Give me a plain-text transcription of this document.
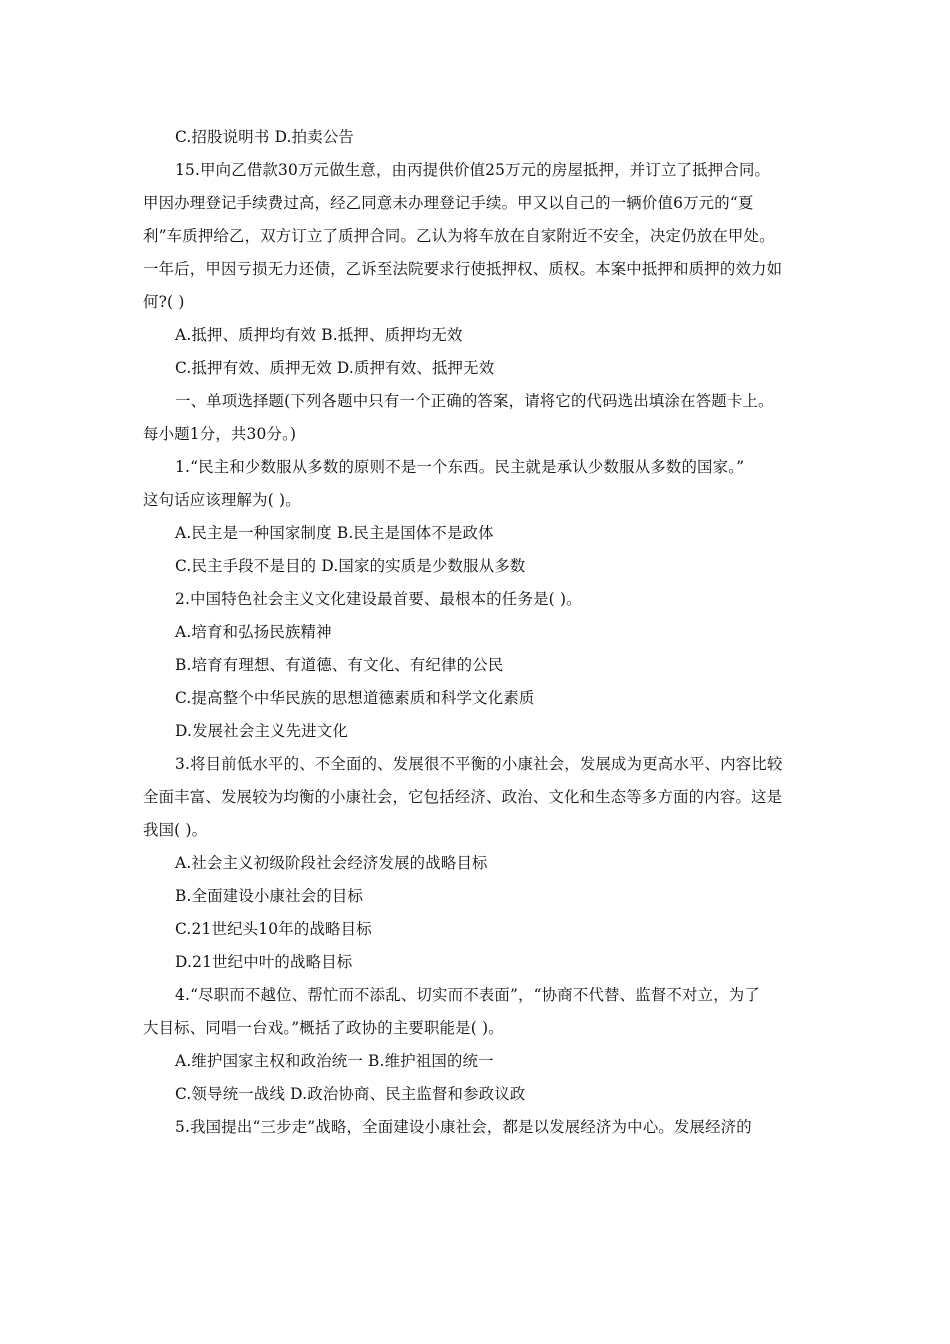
C.招股说明书 D.拍卖公告
15.甲向乙借款30万元做生意，由丙提供价值25万元的房屋抵押，并订立了抵押合同。
甲因办理登记手续费过高，经乙同意未办理登记手续。甲又以自己的一辆价值6万元的“夏
利”车质押给乙，双方订立了质押合同。乙认为将车放在自家附近不安全，决定仍放在甲处。
一年后，甲因亏损无力还债，乙诉至法院要求行使抵押权、质权。本案中抵押和质押的效力如
何?( )
A.抵押、质押均有效 B.抵押、质押均无效
C.抵押有效、质押无效 D.质押有效、抵押无效
一、单项选择题(下列各题中只有一个正确的答案，请将它的代码选出填涂在答题卡上。
每小题1分，共30分。)
1.“民主和少数服从多数的原则不是一个东西。民主就是承认少数服从多数的国家。”
这句话应该理解为( )。
A.民主是一种国家制度 B.民主是国体不是政体
C.民主手段不是目的 D.国家的实质是少数服从多数
2.中国特色社会主义文化建设最首要、最根本的任务是( )。
A.培育和弘扬民族精神
B.培育有理想、有道德、有文化、有纪律的公民
C.提高整个中华民族的思想道德素质和科学文化素质
D.发展社会主义先进文化
3.将目前低水平的、不全面的、发展很不平衡的小康社会，发展成为更高水平、内容比较
全面丰富、发展较为均衡的小康社会，它包括经济、政治、文化和生态等多方面的内容。这是
我国( )。
A.社会主义初级阶段社会经济发展的战略目标
B.全面建设小康社会的目标
C.21世纪头10年的战略目标
D.21世纪中叶的战略目标
4.“尽职而不越位、帮忙而不添乱、切实而不表面”，“协商不代替、监督不对立，为了
大目标、同唱一台戏。”概括了政协的主要职能是( )。
A.维护国家主权和政治统一 B.维护祖国的统一
C.领导统一战线 D.政治协商、民主监督和参政议政
5.我国提出“三步走”战略，全面建设小康社会，都是以发展经济为中心。发展经济的
